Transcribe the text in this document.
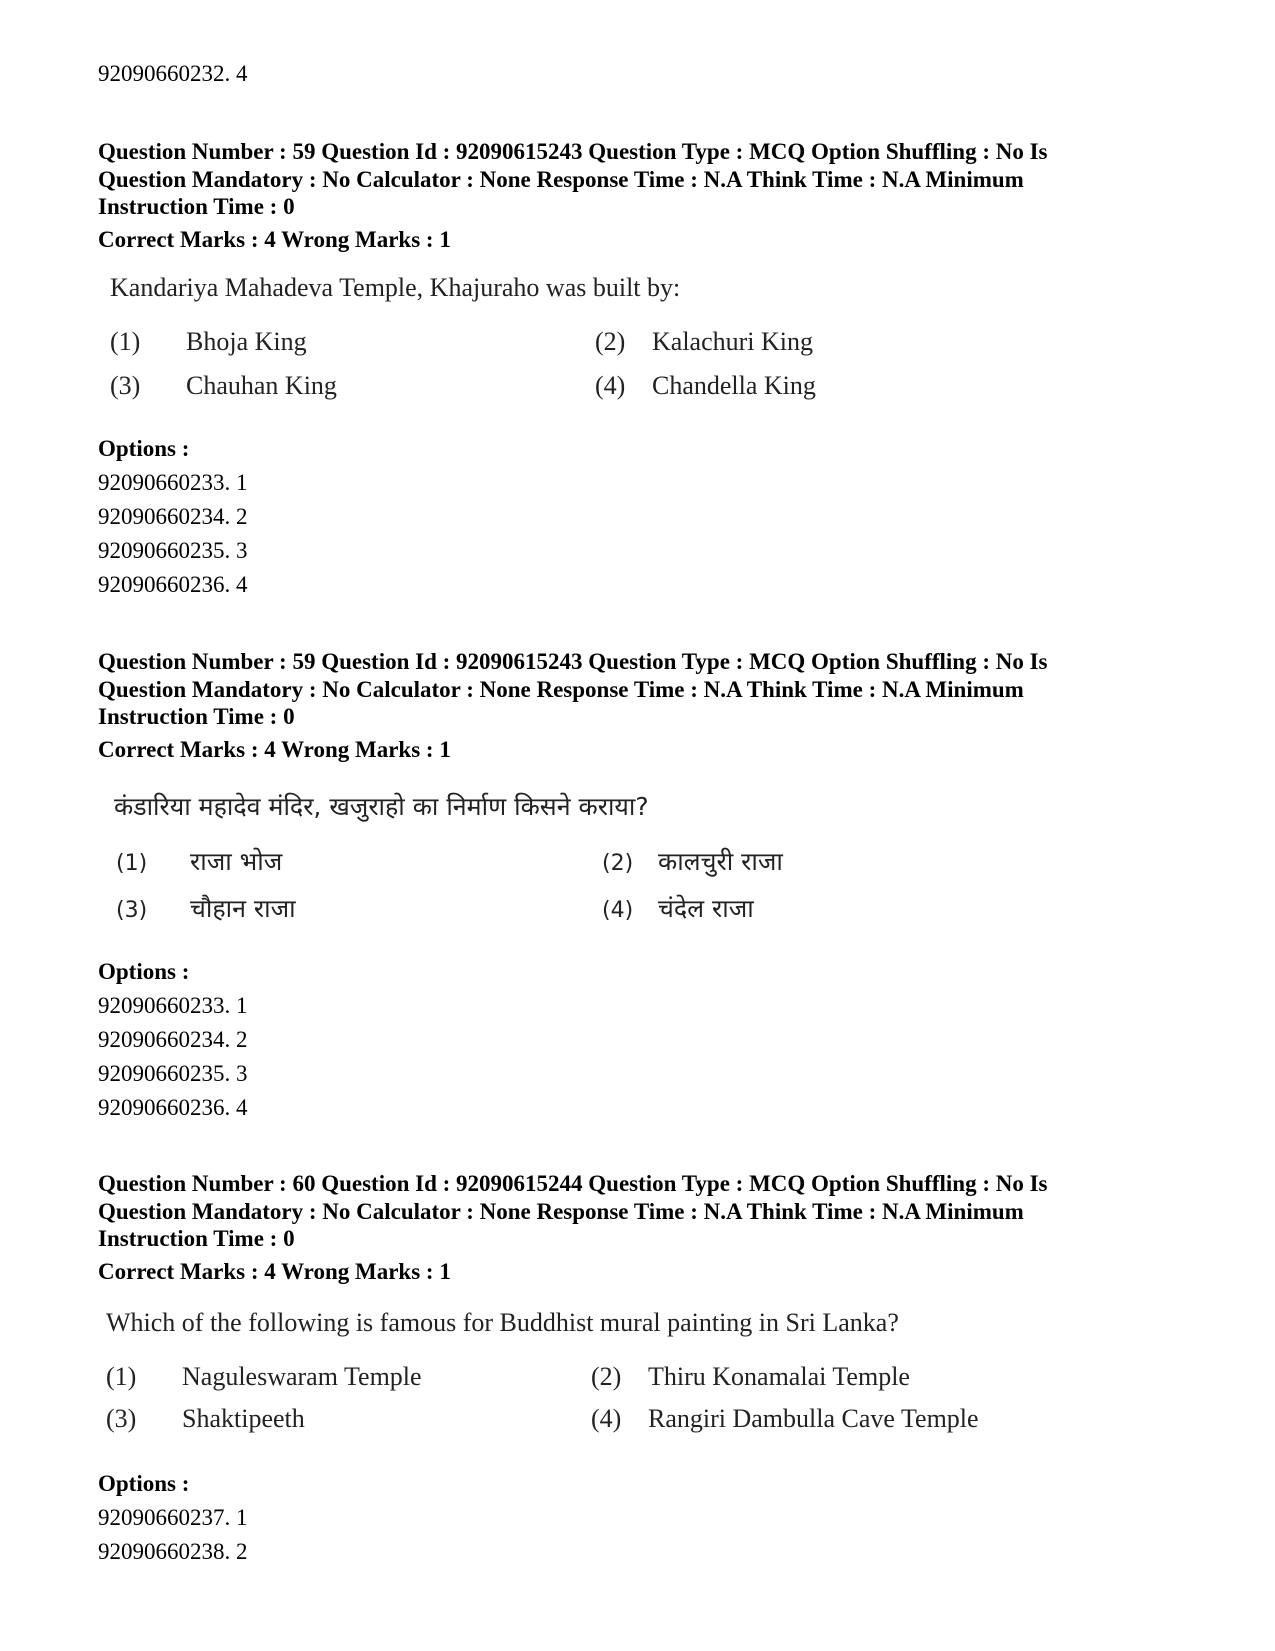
92090660232. 4
Question Number : 59 Question Id : 92090615243 Question Type : MCQ Option Shuffling : No Is
Question Mandatory : No Calculator : None Response Time : N.A Think Time : N.A Minimum
Instruction Time : 0
Correct Marks : 4 Wrong Marks : 1
Kandariya Mahadeva Temple, Khajuraho was built by:
(1) Bhoja King	(2) Kalachuri King
(3) Chauhan King	(4) Chandella King
Options :
92090660233. 1
92090660234. 2
92090660235. 3
92090660236. 4
Question Number : 59 Question Id : 92090615243 Question Type : MCQ Option Shuffling : No Is
Question Mandatory : No Calculator : None Response Time : N.A Think Time : N.A Minimum
Instruction Time : 0
Correct Marks : 4 Wrong Marks : 1
कंडारिया महादेव मंदिर, खजुराहो का निर्माण किसने कराया?
(1) राजा भोज	(2) कालचुरी राजा
(3) चौहान राजा	(4) चंदेल राजा
Options :
92090660233. 1
92090660234. 2
92090660235. 3
92090660236. 4
Question Number : 60 Question Id : 92090615244 Question Type : MCQ Option Shuffling : No Is
Question Mandatory : No Calculator : None Response Time : N.A Think Time : N.A Minimum
Instruction Time : 0
Correct Marks : 4 Wrong Marks : 1
Which of the following is famous for Buddhist mural painting in Sri Lanka?
(1) Naguleswaram Temple	(2) Thiru Konamalai Temple
(3) Shaktipeeth	(4) Rangiri Dambulla Cave Temple
Options :
92090660237. 1
92090660238. 2
